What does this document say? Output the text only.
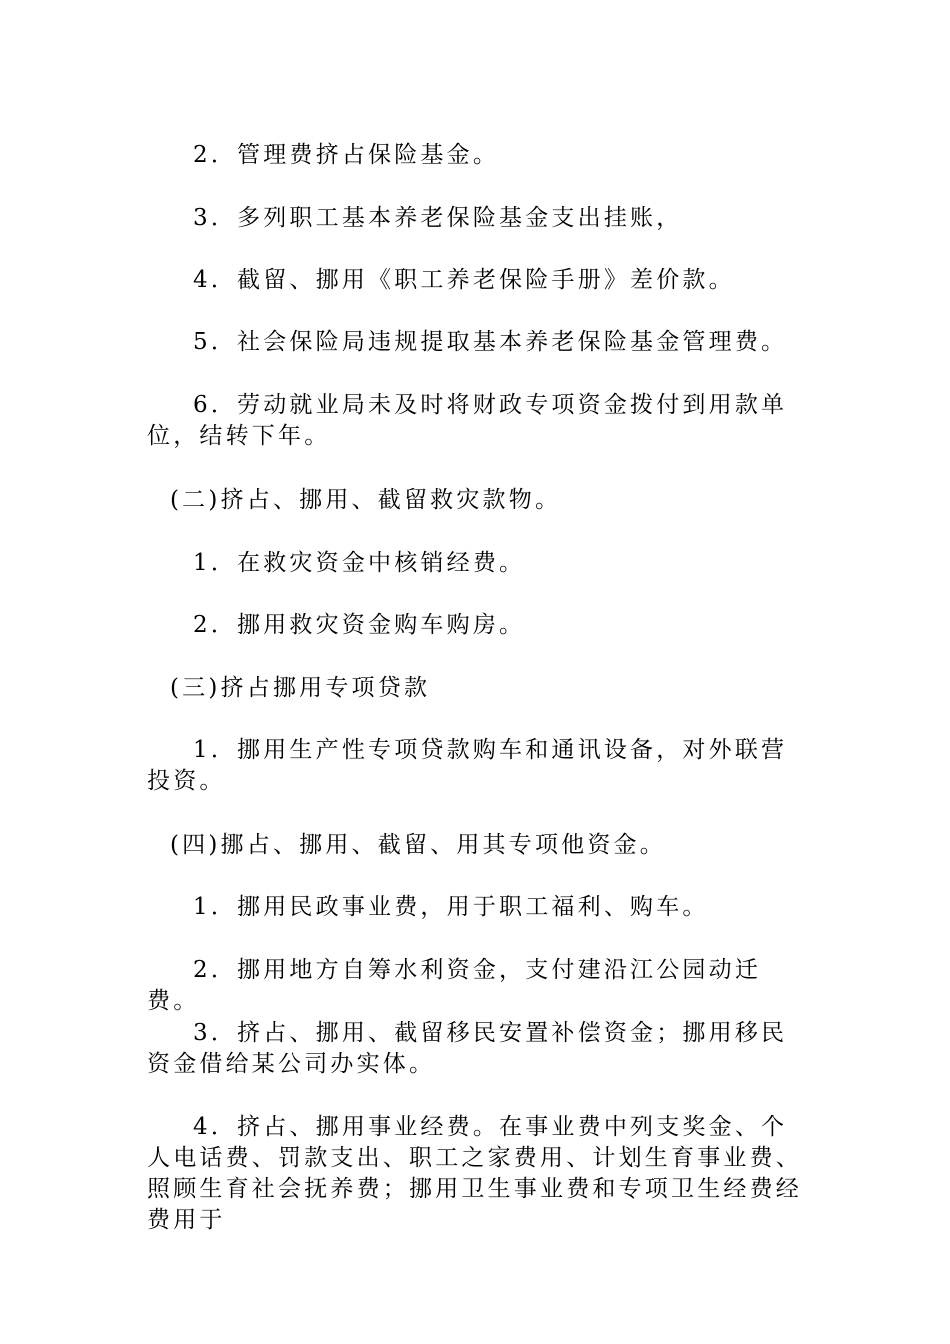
2．管理费挤占保险基金。

3．多列职工基本养老保险基金支出挂账，

4．截留、挪用《职工养老保险手册》差价款。

5．社会保险局违规提取基本养老保险基金管理费。

6．劳动就业局未及时将财政专项资金拨付到用款单位，结转下年。

(二)挤占、挪用、截留救灾款物。

1．在救灾资金中核销经费。

2．挪用救灾资金购车购房。

(三)挤占挪用专项贷款

1．挪用生产性专项贷款购车和通讯设备，对外联营投资。

(四)挪占、挪用、截留、用其专项他资金。

1．挪用民政事业费，用于职工福利、购车。

2．挪用地方自筹水利资金，支付建沿江公园动迁费。

3．挤占、挪用、截留移民安置补偿资金；挪用移民资金借给某公司办实体。

4．挤占、挪用事业经费。在事业费中列支奖金、个人电话费、罚款支出、职工之家费用、计划生育事业费、照顾生育社会抚养费；挪用卫生事业费和专项卫生经费经费用于
